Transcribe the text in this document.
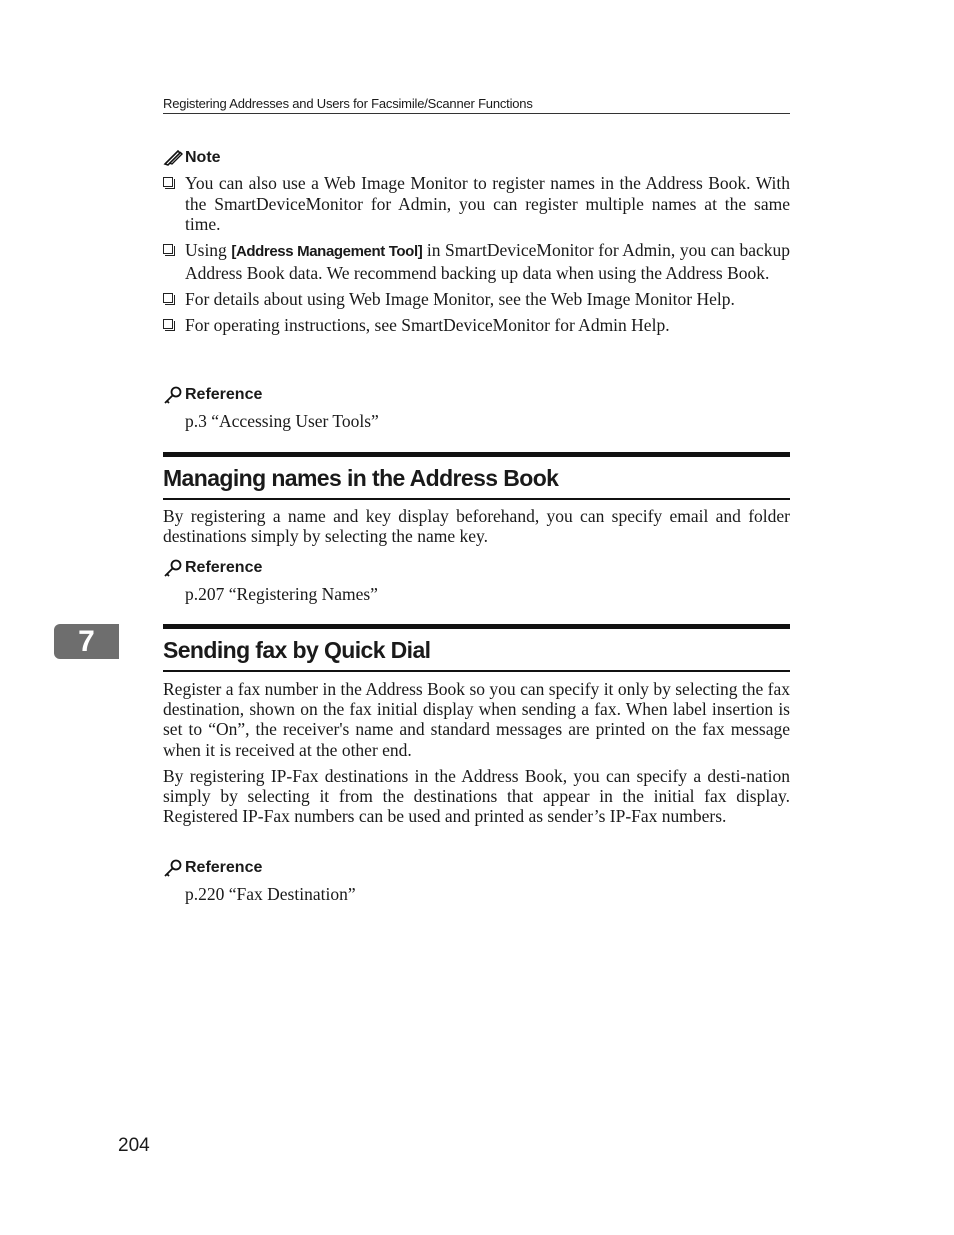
Registering Addresses and Users for Facsimile/Scanner Functions
Note
You can also use a Web Image Monitor to register names in the Address Book. With the SmartDeviceMonitor for Admin, you can register multiple names at the same time.
Using [Address Management Tool] in SmartDeviceMonitor for Admin, you can backup Address Book data. We recommend backing up data when using the Address Book.
For details about using Web Image Monitor, see the Web Image Monitor Help.
For operating instructions, see SmartDeviceMonitor for Admin Help.
Reference
p.3 “Accessing User Tools”
Managing names in the Address Book

By registering a name and key display beforehand, you can specify email and folder destinations simply by selecting the name key.

Reference
p.207 “Registering Names”
7	Sending fax by Quick Dial

Register a fax number in the Address Book so you can specify it only by selecting the fax destination, shown on the fax initial display when sending a fax. When label insertion is set to “On”, the receiver's name and standard messages are printed on the fax message when it is received at the other end.

By registering IP-Fax destinations in the Address Book, you can specify a desti-nation simply by selecting it from the destinations that appear in the initial fax display. Registered IP-Fax numbers can be used and printed as sender’s IP-Fax numbers.

Reference
p.220 “Fax Destination”
204
